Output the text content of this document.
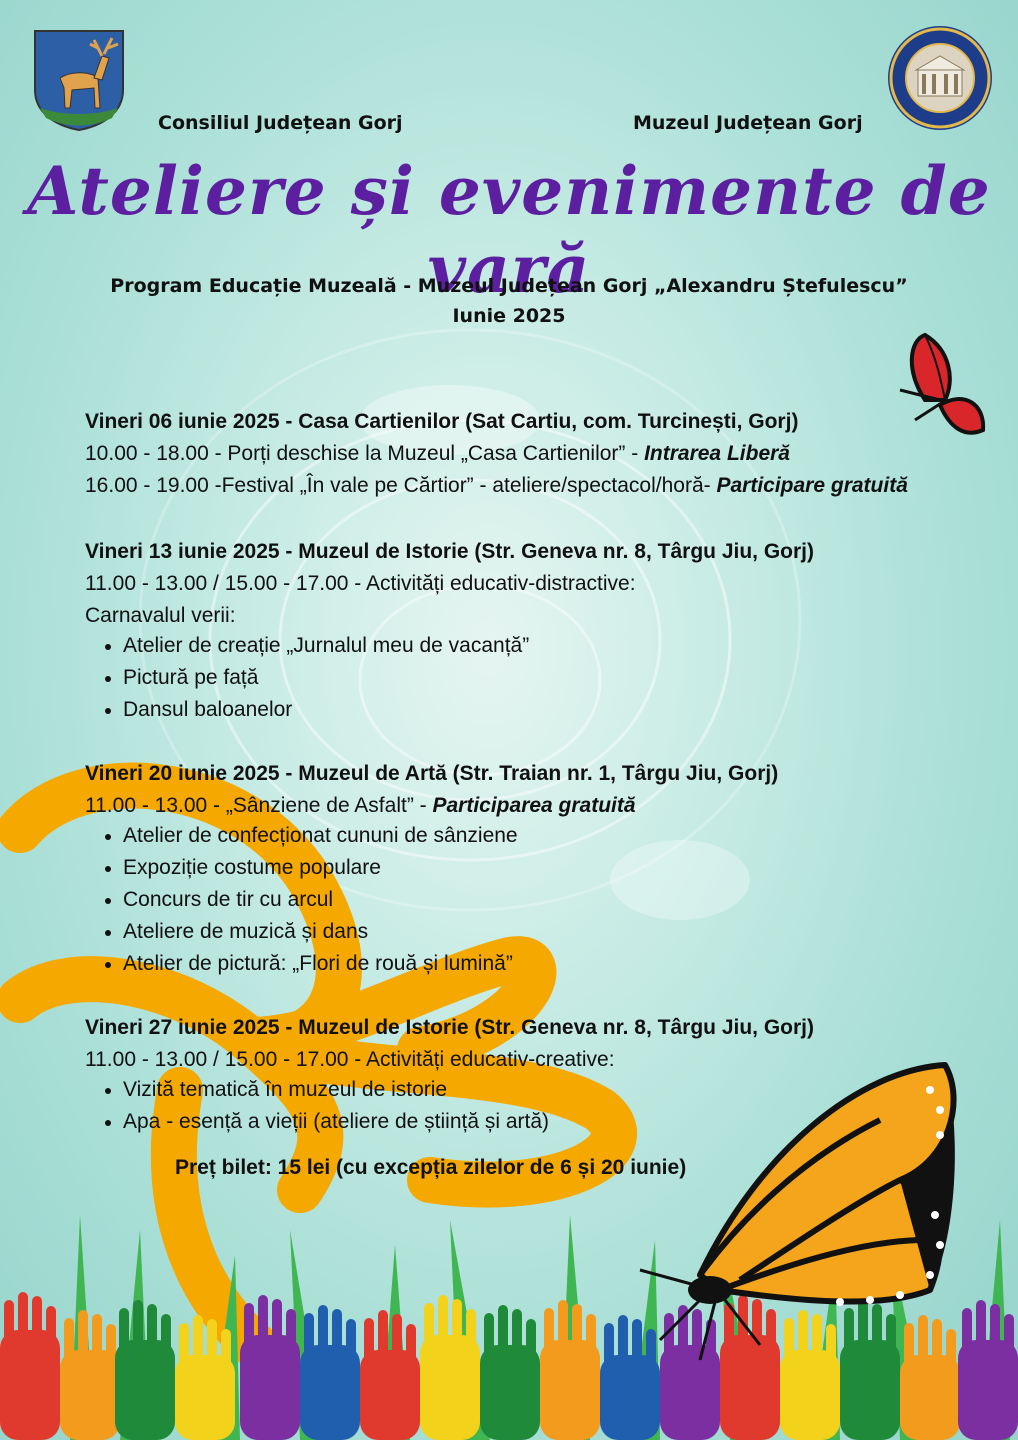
Consiliul Județean Gorj	Muzeul Județean Gorj
Ateliere și evenimente de vară
Program Educație Muzeală - Muzeul Județean Gorj „Alexandru Ștefulescu”
Iunie 2025
Vineri 06 iunie 2025 - Casa Cartienilor (Sat Cartiu, com. Turcinești, Gorj)
10.00 - 18.00 - Porți deschise la Muzeul „Casa Cartienilor” - Intrarea Liberă
16.00 - 19.00 -Festival „În vale pe Cărtior” - ateliere/spectacol/horă- Participare gratuită
Vineri 13 iunie 2025 - Muzeul de Istorie (Str. Geneva nr. 8, Târgu Jiu, Gorj)
11.00 - 13.00 / 15.00 - 17.00 - Activități educativ-distractive:
Carnavalul verii:
Atelier de creație „Jurnalul meu de vacanță”
Pictură pe față
Dansul baloanelor
Vineri 20 iunie 2025 - Muzeul de Artă (Str. Traian nr. 1, Târgu Jiu, Gorj)
11.00 - 13.00 - „Sânziene de Asfalt” - Participarea gratuită
Atelier de confecționat cununi de sânziene
Expoziție costume populare
Concurs de tir cu arcul
Ateliere de muzică și dans
Atelier de pictură: „Flori de rouă și lumină”
Vineri 27 iunie 2025 - Muzeul de Istorie (Str. Geneva nr. 8, Târgu Jiu, Gorj)
11.00 - 13.00 / 15.00 - 17.00 - Activități educativ-creative:
Vizită tematică în muzeul de istorie
Apa - esență a vieții (ateliere de știință și artă)
Preț bilet: 15 lei (cu excepția zilelor de 6 și 20 iunie)
